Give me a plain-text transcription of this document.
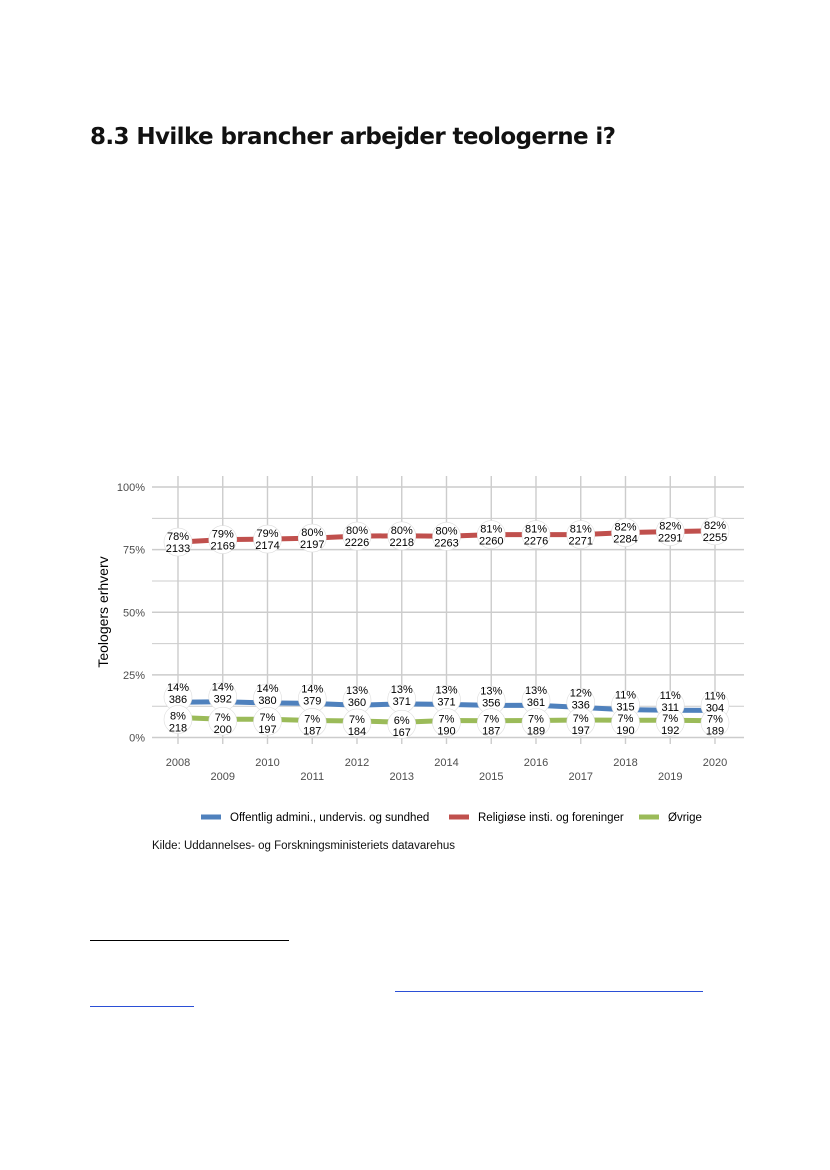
8.3 Hvilke brancher arbejder teologerne i?
0%
25%
50%
75%
100%
Teologers erhverv
2008
2009
2010
2011
2012
2013
2014
2015
2016
2017
2018
2019
2020
14%
386
14%
392
14%
380
14%
379
13%
360
13%
371
13%
371
13%
356
13%
361
12%
336
11%
315
11%
311
11%
304
78%
2133
79%
2169
79%
2174
80%
2197
80%
2226
80%
2218
80%
2263
81%
2260
81%
2276
81%
2271
82%
2284
82%
2291
82%
2255
8%
218
7%
200
7%
197
7%
187
7%
184
6%
167
7%
190
7%
187
7%
189
7%
197
7%
190
7%
192
7%
189
Offentlig admini., undervis. og sundhed	Religiøse insti. og foreninger	Øvrige
Kilde: Uddannelses- og Forskningsministeriets datavarehus
